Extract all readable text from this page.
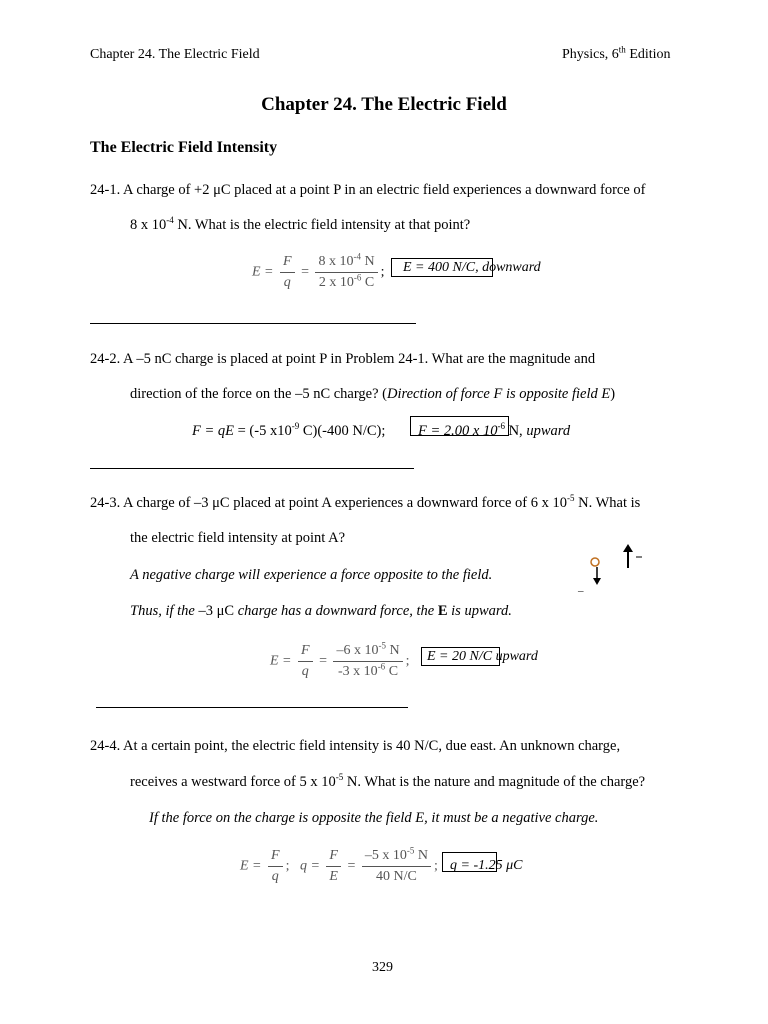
Chapter 24. The Electric Field	Physics, 6th Edition
Chapter 24. The Electric Field
The Electric Field Intensity
24-1. A charge of +2 μC placed at a point P in an electric field experiences a downward force of
8 x $10^{-4}$ N. What is the electric field intensity at that point?
$E = \frac{F}{q} = \frac{8 x 10^{-4} N}{2 x 10^{-6} C}$ ; E = 400 N/C, downward
24-2. A –5 nC charge is placed at point P in Problem 24-1. What are the magnitude and
direction of the force on the –5 nC charge? (Direction of force F is opposite field E)
F = qE = (-5 $x10^{-9}$ C)(-400 N/C); F = 2.00 x $10^{-6}$ N, upward
24-3. A charge of –3 μC placed at point A experiences a downward force of 6 x $10^{-5}$ N. What is
the electric field intensity at point A?
A negative charge will experience a force opposite to the field.
Thus, if the –3 μC charge has a downward force, the E is upward.
–
$E = \frac{F}{q} = \frac{-6 x 10^{-5} N}{-3 x 10^{-6} C}$ ; E = 20 N/C upward
24-4. At a certain point, the electric field intensity is 40 N/C, due east. An unknown charge,
receives a westward force of 5 x $10^{-5}$ N. What is the nature and magnitude of the charge?
If the force on the charge is opposite the field E, it must be a negative charge.
$E = \frac{F}{q}$ ;   $q = \frac{F}{E} = \frac{-5 x 10^{-5} N}{40 N/C}$ ; q = -1.25 μC
329
